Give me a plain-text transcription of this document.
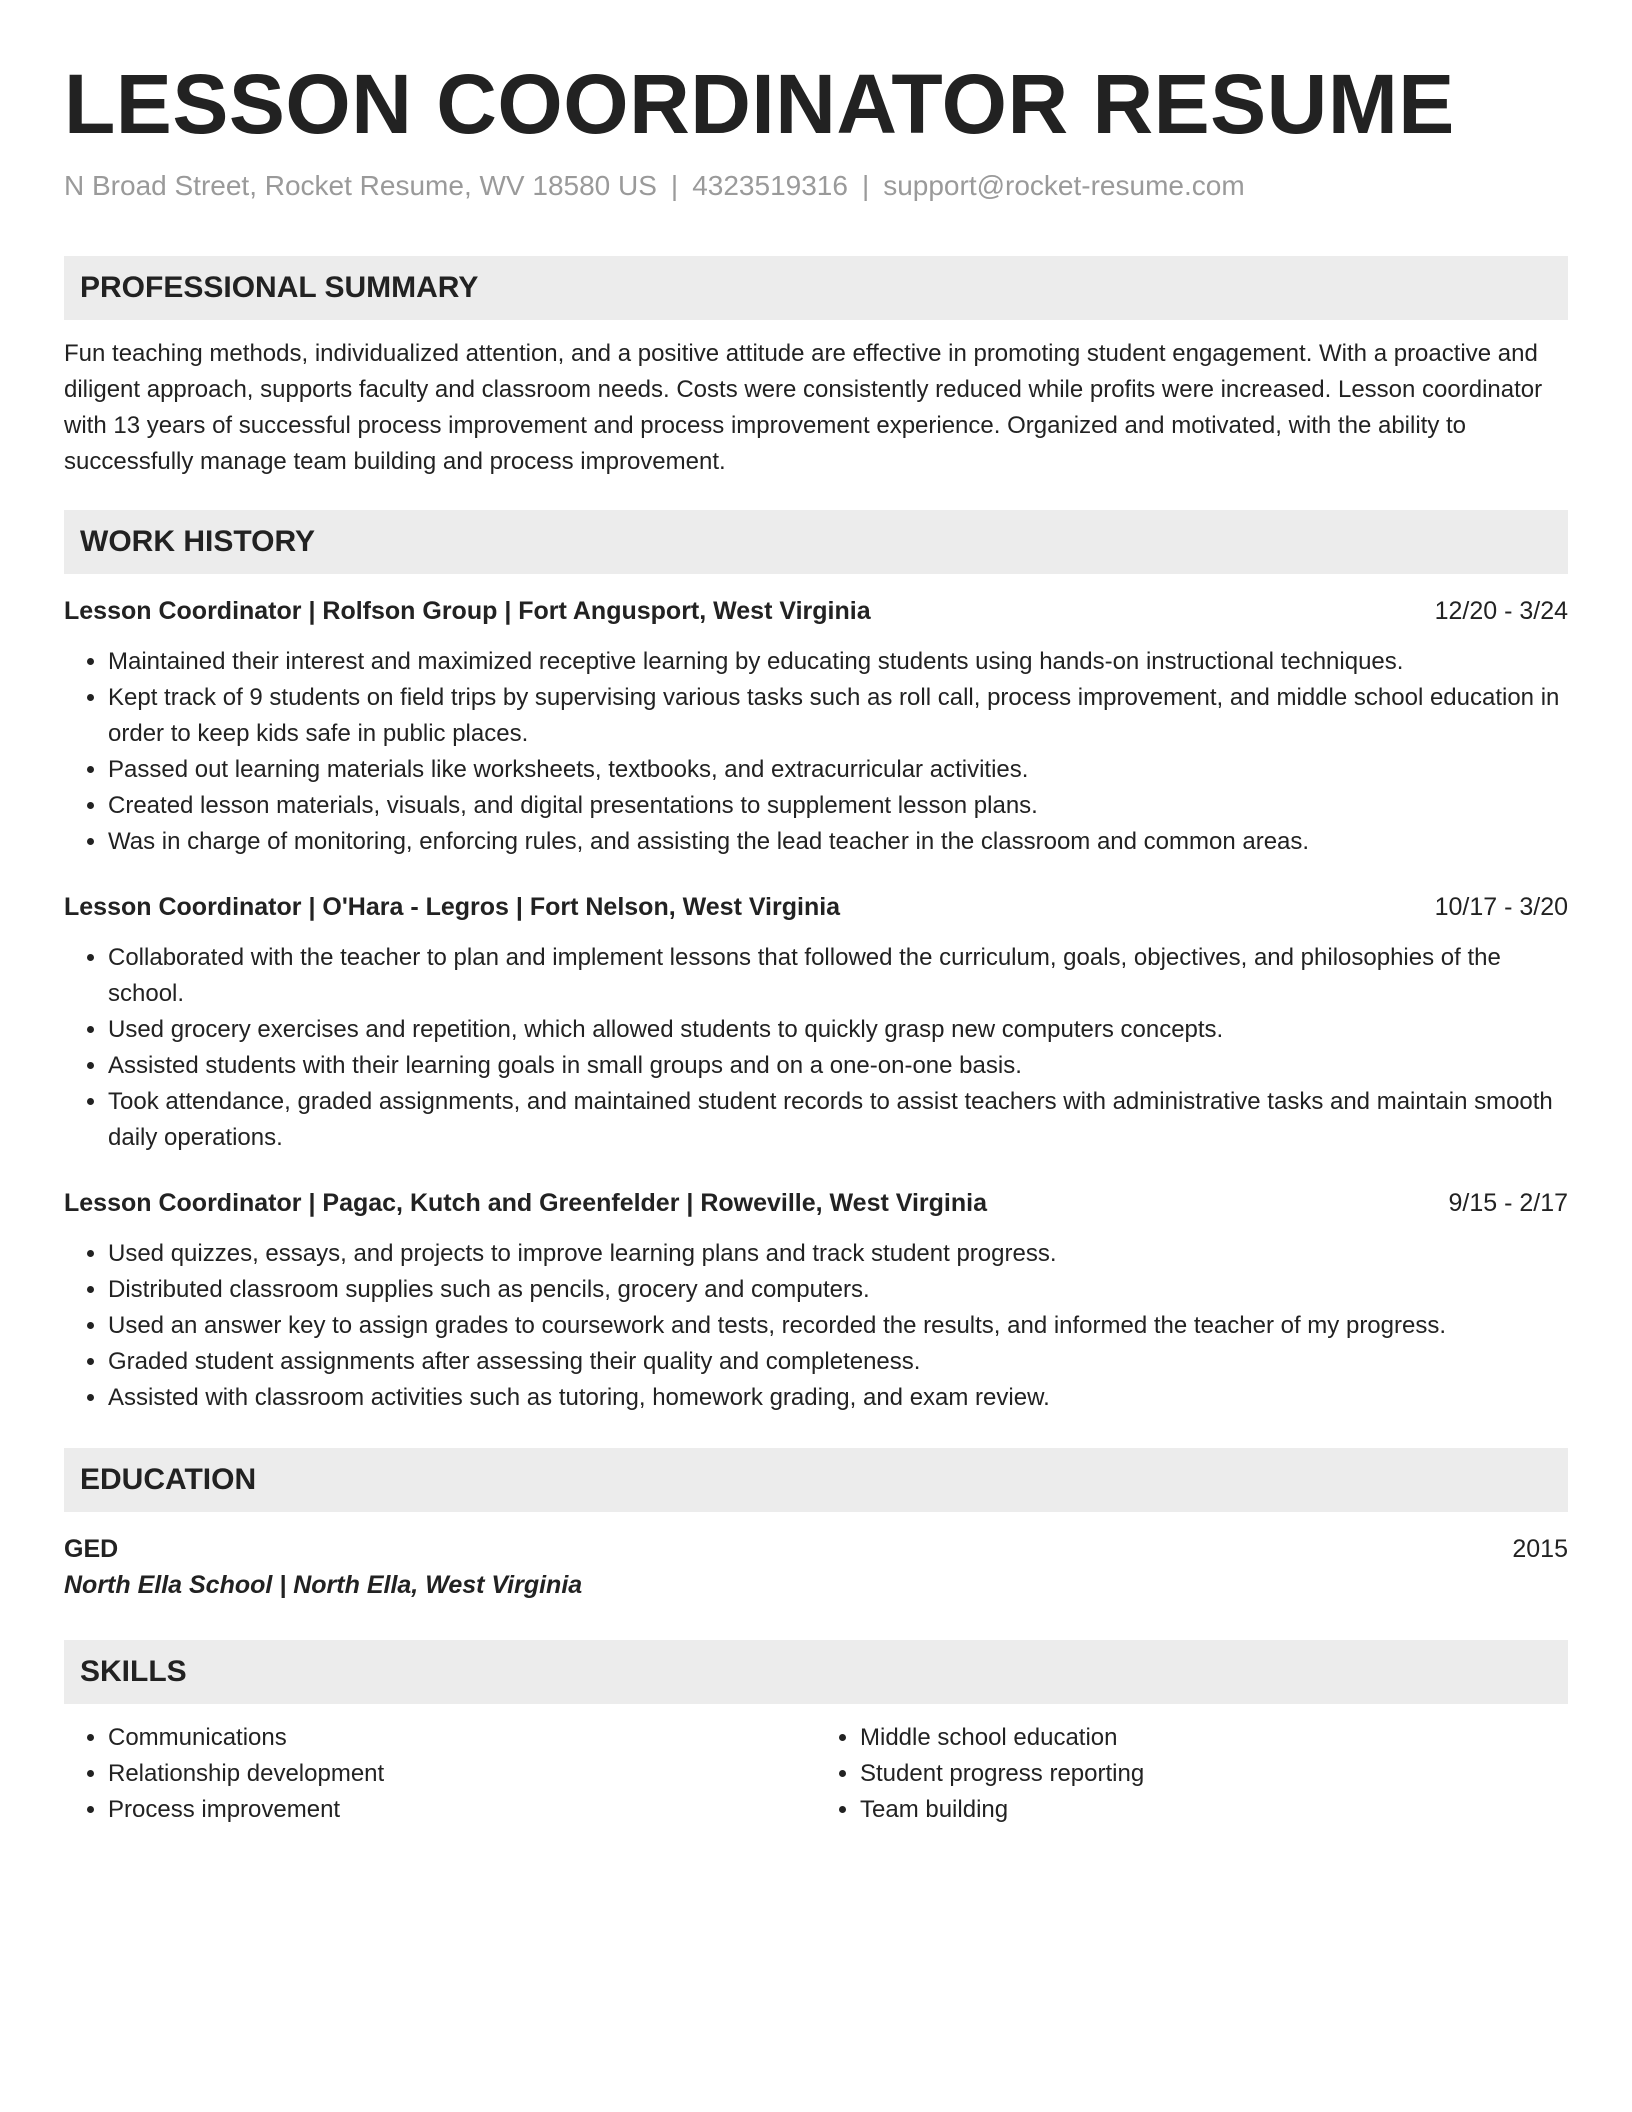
LESSON COORDINATOR RESUME
N Broad Street, Rocket Resume, WV 18580 US | 4323519316 | support@rocket-resume.com
PROFESSIONAL SUMMARY

Fun teaching methods, individualized attention, and a positive attitude are effective in promoting student engagement. With a proactive and diligent approach, supports faculty and classroom needs. Costs were consistently reduced while profits were increased. Lesson coordinator with 13 years of successful process improvement and process improvement experience. Organized and motivated, with the ability to successfully manage team building and process improvement.

WORK HISTORY
Lesson Coordinator | Rolfson Group | Fort Angusport, West Virginia	12/20 - 3/24
• Maintained their interest and maximized receptive learning by educating students using hands-on instructional techniques.
• Kept track of 9 students on field trips by supervising various tasks such as roll call, process improvement, and middle school education in order to keep kids safe in public places.
• Passed out learning materials like worksheets, textbooks, and extracurricular activities.
• Created lesson materials, visuals, and digital presentations to supplement lesson plans.
• Was in charge of monitoring, enforcing rules, and assisting the lead teacher in the classroom and common areas.
Lesson Coordinator | O'Hara - Legros | Fort Nelson, West Virginia	10/17 - 3/20
• Collaborated with the teacher to plan and implement lessons that followed the curriculum, goals, objectives, and philosophies of the school.
• Used grocery exercises and repetition, which allowed students to quickly grasp new computers concepts.
• Assisted students with their learning goals in small groups and on a one-on-one basis.
• Took attendance, graded assignments, and maintained student records to assist teachers with administrative tasks and maintain smooth daily operations.
Lesson Coordinator | Pagac, Kutch and Greenfelder | Roweville, West Virginia	9/15 - 2/17
• Used quizzes, essays, and projects to improve learning plans and track student progress.
• Distributed classroom supplies such as pencils, grocery and computers.
• Used an answer key to assign grades to coursework and tests, recorded the results, and informed the teacher of my progress.
• Graded student assignments after assessing their quality and completeness.
• Assisted with classroom activities such as tutoring, homework grading, and exam review.
EDUCATION
GED	2015
North Ella School | North Ella, West Virginia
SKILLS
• Communications
• Relationship development
• Process improvement
• Middle school education
• Student progress reporting
• Team building
